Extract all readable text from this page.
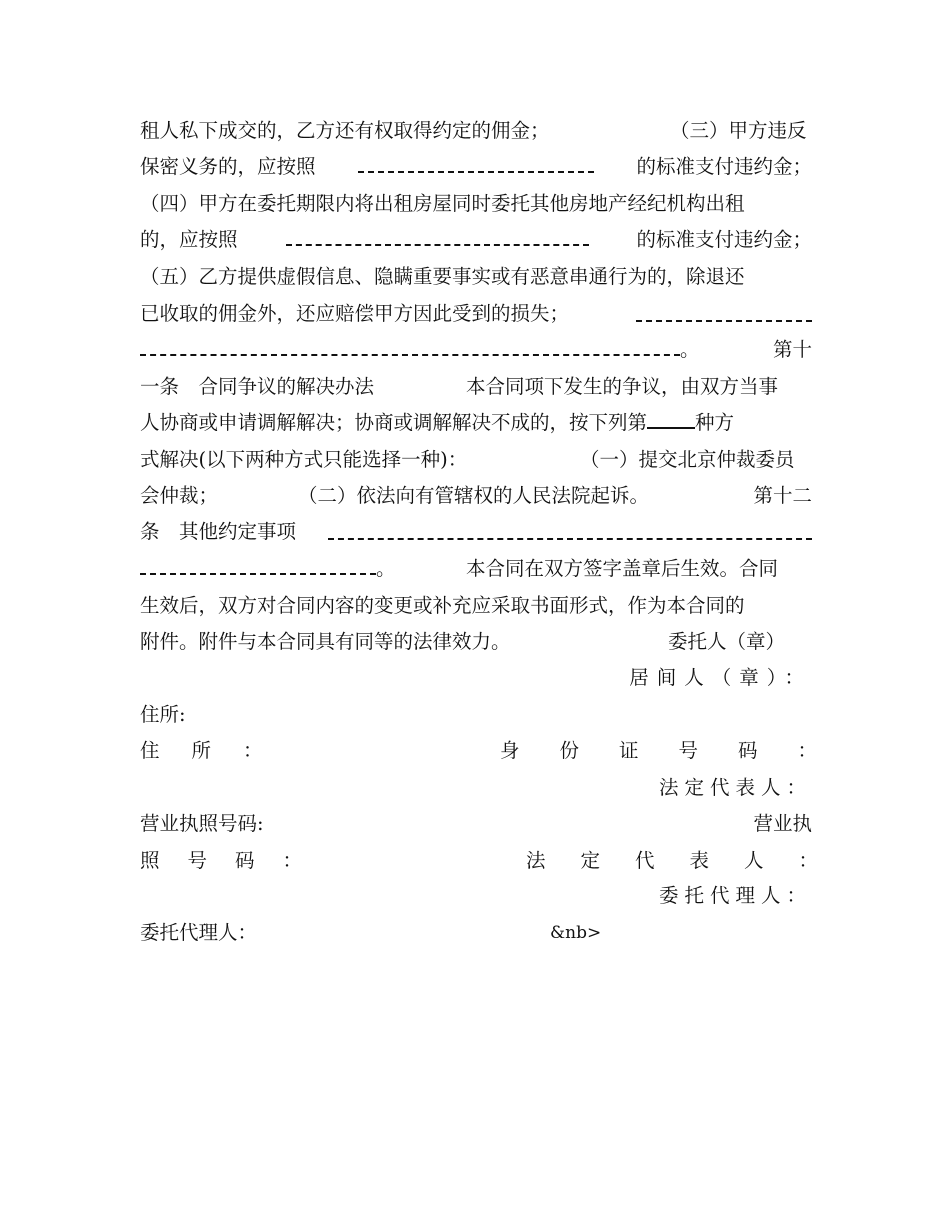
租人私下成交的，乙方还有权取得约定的佣金；	（三）甲方违反
保密义务的，应按照	的标准支付违约金；
（四）甲方在委托期限内将出租房屋同时委托其他房地产经纪机构出租
的，应按照	的标准支付违约金；
（五）乙方提供虚假信息、隐瞒重要事实或有恶意串通行为的，除退还
已收取的佣金外，还应赔偿甲方因此受到的损失；
。	第十
一条　合同争议的解决办法	本合同项下发生的争议，由双方当事
人协商或申请调解解决；协商或调解解决不成的，按下列第 种方
式解决(以下两种方式只能选择一种)：	（一）提交北京仲裁委员
会仲裁；	（二）依法向有管辖权的人民法院起诉。	第十二
条　其他约定事项
。	本合同在双方签字盖章后生效。合同
生效后，双方对合同内容的变更或补充应采取书面形式，作为本合同的
附件。附件与本合同具有同等的法律效力。	委托人（章）
居间人（章）：
住所:
住所：	身份证号码：
法定代表人：
营业执照号码:	营业执
照号码：	法定代表人：
委托代理人：
委托代理人：	&nb>
